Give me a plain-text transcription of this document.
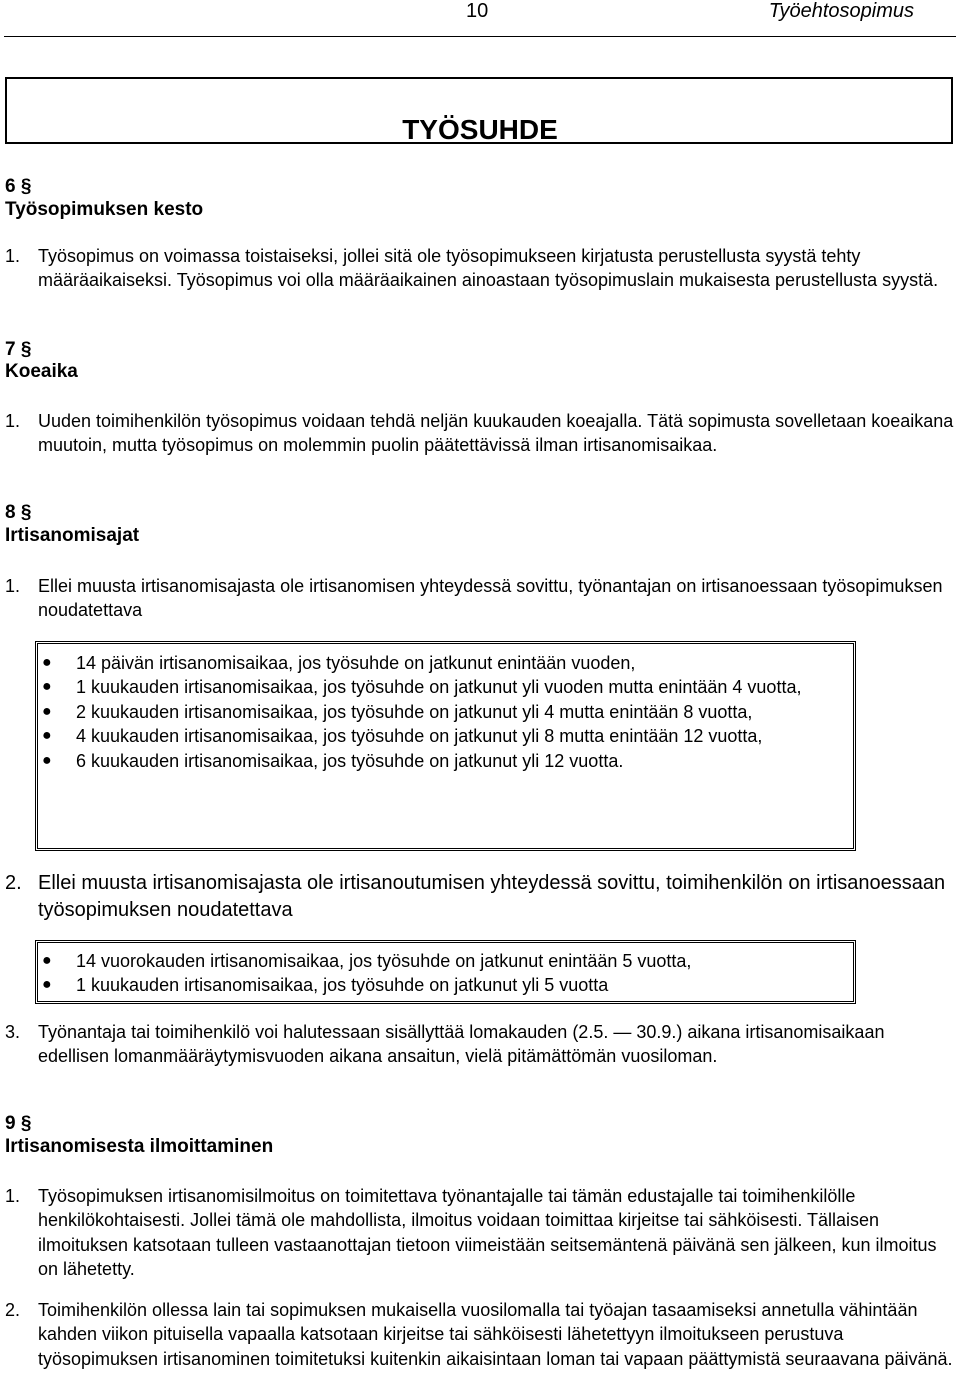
10	Työehtosopimus
TYÖSUHDE
6 §
Työsopimuksen kesto
1. Työsopimus on voimassa toistaiseksi, jollei sitä ole työsopimukseen kirjatusta perustellusta syystä tehty määräaikaiseksi. Työsopimus voi olla määräaikainen ainoastaan työsopimuslain mukaisesta perustellusta syystä.
7 §
Koeaika
1. Uuden toimihenkilön työsopimus voidaan tehdä neljän kuukauden koeajalla. Tätä sopimusta sovelletaan koeaikana muutoin, mutta työsopimus on molemmin puolin päätettävissä ilman irtisanomisaikaa.
8 §
Irtisanomisajat
1. Ellei muusta irtisanomisajasta ole irtisanomisen yhteydessä sovittu, työnantajan on irtisanoessaan työsopimuksen noudatettava
●	14 päivän irtisanomisaikaa, jos työsuhde on jatkunut enintään vuoden,
●	1 kuukauden irtisanomisaikaa, jos työsuhde on jatkunut yli vuoden mutta enintään 4 vuotta,
●	2 kuukauden irtisanomisaikaa, jos työsuhde on jatkunut yli 4 mutta enintään 8 vuotta,
●	4 kuukauden irtisanomisaikaa, jos työsuhde on jatkunut yli 8 mutta enintään 12 vuotta,
●	6 kuukauden irtisanomisaikaa, jos työsuhde on jatkunut yli 12 vuotta.
2. Ellei muusta irtisanomisajasta ole irtisanoutumisen yhteydessä sovittu, toimihenkilön on irtisanoessaan työsopimuksen noudatettava
●	14 vuorokauden irtisanomisaikaa, jos työsuhde on jatkunut enintään 5 vuotta,
●	1 kuukauden irtisanomisaikaa, jos työsuhde on jatkunut yli 5 vuotta
3. Työnantaja tai toimihenkilö voi halutessaan sisällyttää lomakauden (2.5. — 30.9.) aikana irtisanomisaikaan edellisen lomanmääräytymisvuoden aikana ansaitun, vielä pitämättömän vuosiloman.
9 §
Irtisanomisesta ilmoittaminen
1. Työsopimuksen irtisanomisilmoitus on toimitettava työnantajalle tai tämän edustajalle tai toimihenkilölle henkilökohtaisesti. Jollei tämä ole mahdollista, ilmoitus voidaan toimittaa kirjeitse tai sähköisesti. Tällaisen ilmoituksen katsotaan tulleen vastaanottajan tietoon viimeistään seitsemäntenä päivänä sen jälkeen, kun ilmoitus on lähetetty.
2. Toimihenkilön ollessa lain tai sopimuksen mukaisella vuosilomalla tai työajan tasaamiseksi annetulla vähintään kahden viikon pituisella vapaalla katsotaan kirjeitse tai sähköisesti lähetettyyn ilmoitukseen perustuva työsopimuksen irtisanominen toimitetuksi kuitenkin aikaisintaan loman tai vapaan päättymistä seuraavana päivänä.
